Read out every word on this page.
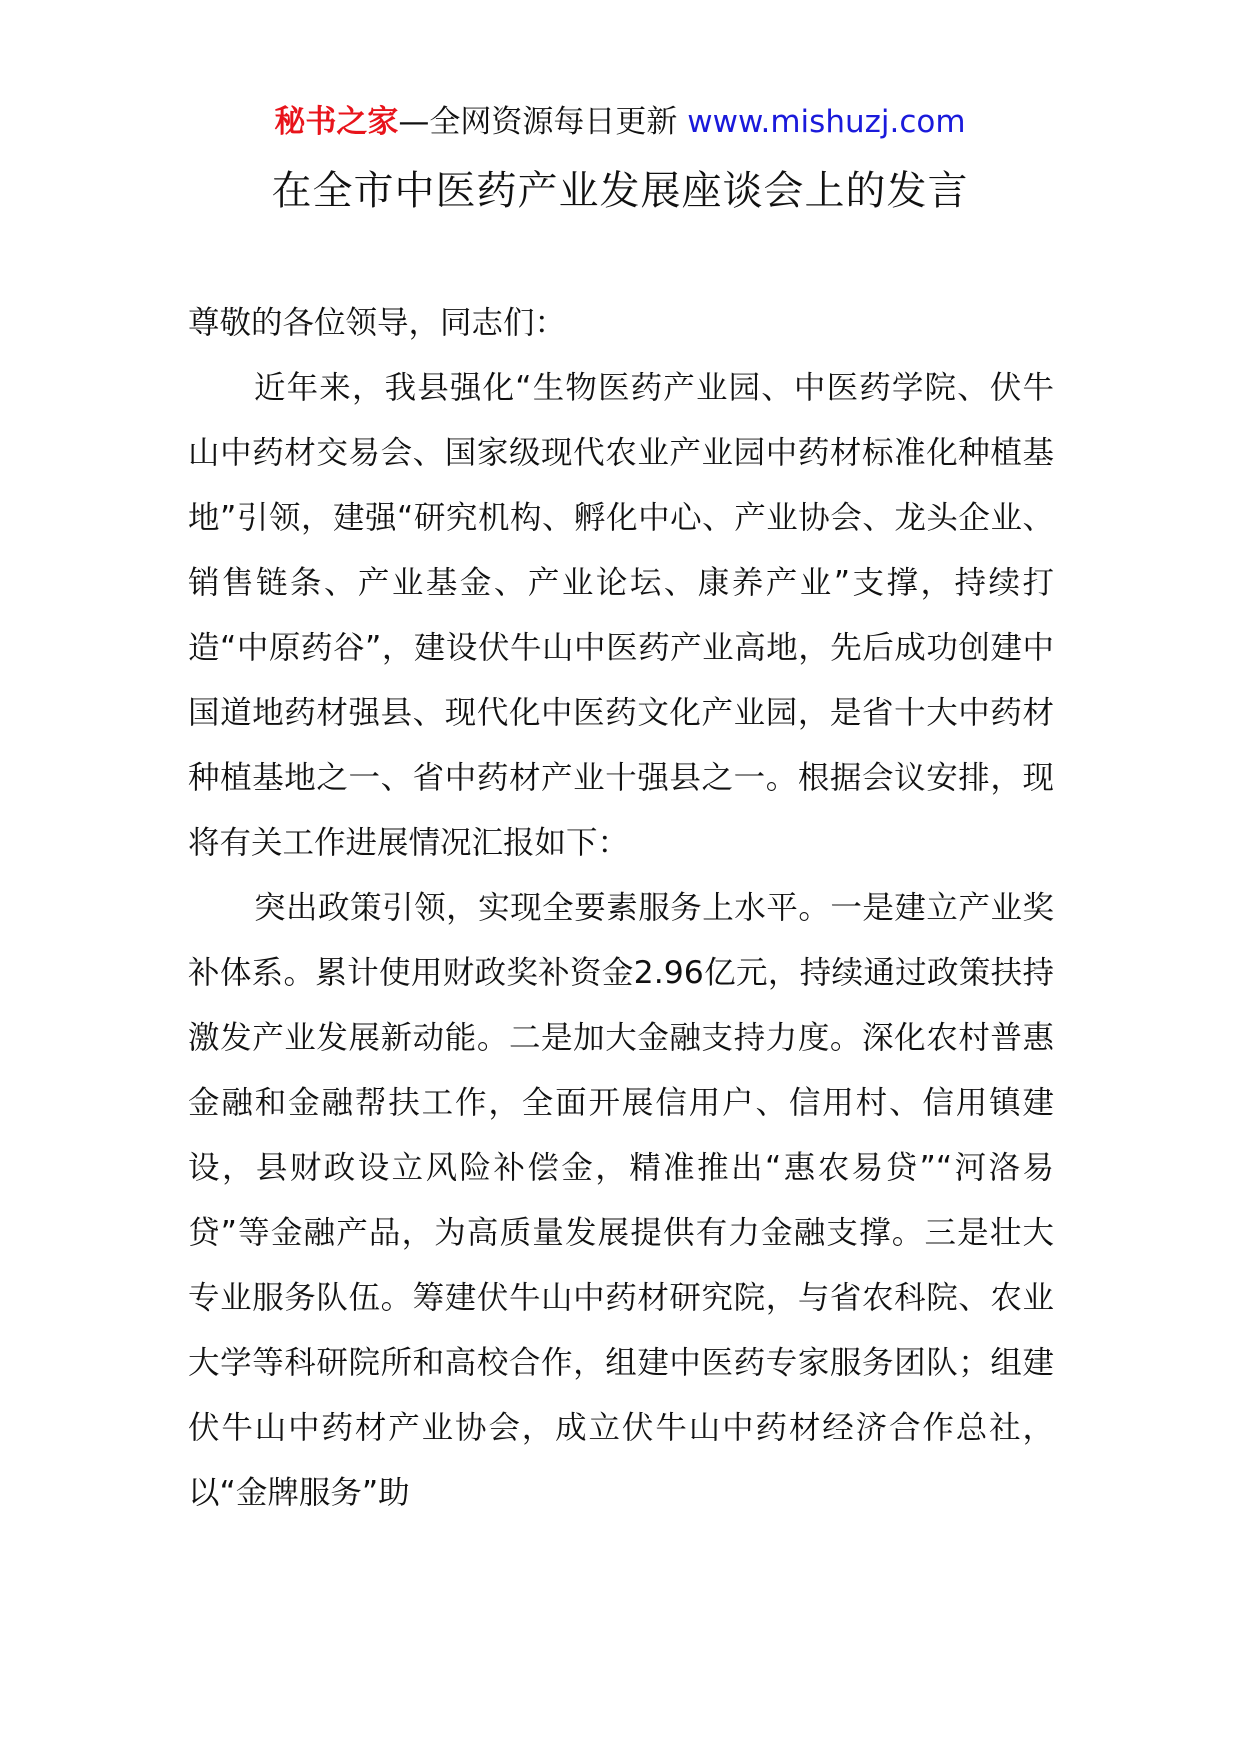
秘书之家—全网资源每日更新 www.mishuzj.com
在全市中医药产业发展座谈会上的发言

尊敬的各位领导，同志们：

近年来，我县强化“生物医药产业园、中医药学院、伏牛山中药材交易会、国家级现代农业产业园中药材标准化种植基地”引领，建强“研究机构、孵化中心、产业协会、龙头企业、销售链条、产业基金、产业论坛、康养产业”支撑，持续打造“中原药谷”，建设伏牛山中医药产业高地，先后成功创建中国道地药材强县、现代化中医药文化产业园，是省十大中药材种植基地之一、省中药材产业十强县之一。根据会议安排，现将有关工作进展情况汇报如下：

突出政策引领，实现全要素服务上水平。一是建立产业奖补体系。累计使用财政奖补资金2.96亿元，持续通过政策扶持激发产业发展新动能。二是加大金融支持力度。深化农村普惠金融和金融帮扶工作，全面开展信用户、信用村、信用镇建设，县财政设立风险补偿金，精准推出“惠农易贷”“河洛易贷”等金融产品，为高质量发展提供有力金融支撑。三是壮大专业服务队伍。筹建伏牛山中药材研究院，与省农科院、农业大学等科研院所和高校合作，组建中医药专家服务团队；组建伏牛山中药材产业协会，成立伏牛山中药材经济合作总社，以“金牌服务”助
